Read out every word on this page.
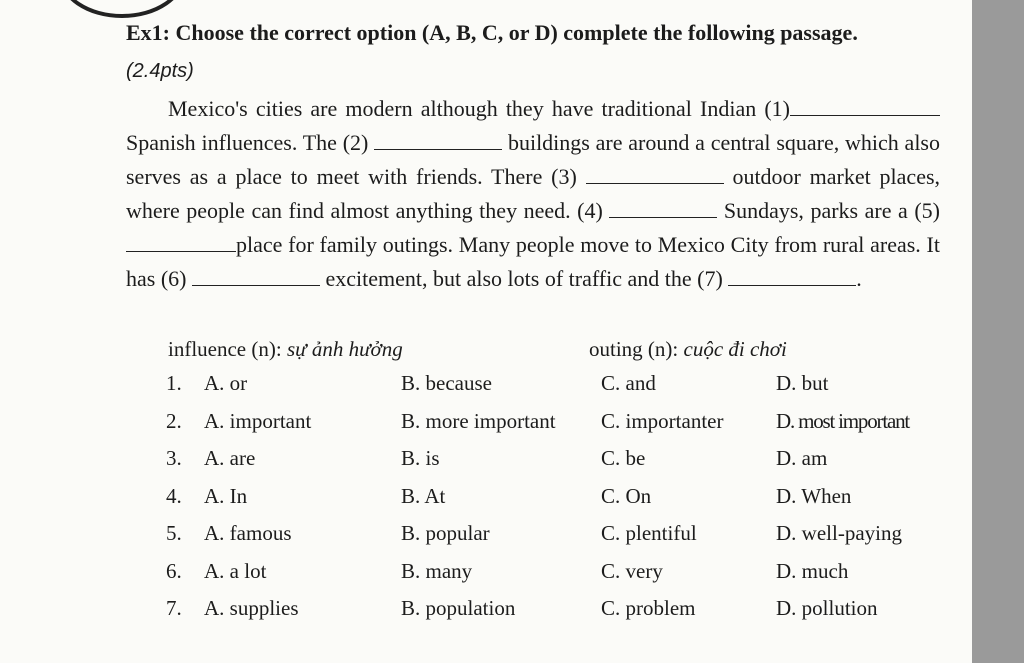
Ex1: Choose the correct option (A, B, C, or D) complete the following passage.
(2.4pts)

Mexico's cities are modern although they have traditional Indian (1) Spanish influences. The (2)	buildings are around a central square, which also serves as a place to meet with friends. There (3)	outdoor market places, where people can find almost anything they need. (4)	Sundays, parks are a (5) place for family outings. Many people move to Mexico City from rural areas. It has (6)	excitement, but also lots of traffic and the (7)	.

influence (n): sự ảnh hưởng	outing (n): cuộc đi chơi
1. A. or	B. because	C. and	D. but
2. A. important	B. more important C. importanter	D. most important
3. A. are	B. is	C. be	D. am
4. A. In	B. At	C. On	D. When
5. A. famous	B. popular	C. plentiful	D. well-paying
6. A. a lot	B. many	C. very	D. much
7. A. supplies	B. population	C. problem	D. pollution
